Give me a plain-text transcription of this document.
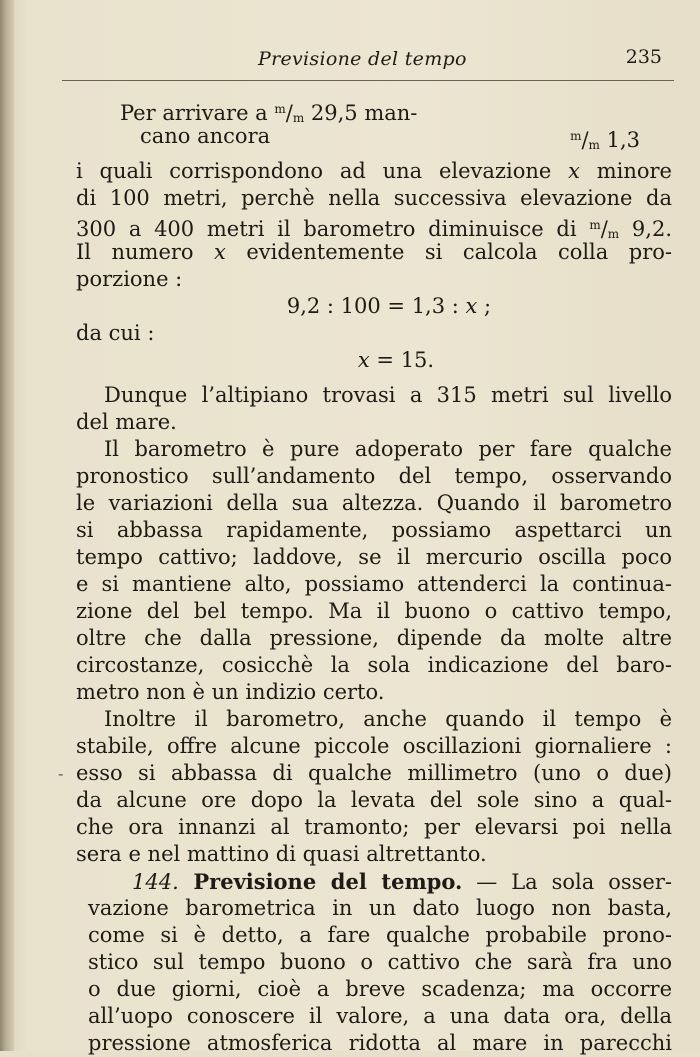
Previsione del tempo	235
-
Per arrivare a $^m/_m$ 29,5 man-
cano ancora	$^m/_m$ 1,3
i quali corrispondono ad una elevazione x minore
di 100 metri, perchè nella successiva elevazione da
300 a 400 metri il barometro diminuisce di $^m/_m$ 9,2.
Il numero x evidentemente si calcola colla pro-
porzione :
9,2 : 100 = 1,3 : x ;
da cui :
x = 15.
Dunque l’altipiano trovasi a 315 metri sul livello
del mare.
Il barometro è pure adoperato per fare qualche
pronostico sull’andamento del tempo, osservando
le variazioni della sua altezza. Quando il barometro
si abbassa rapidamente, possiamo aspettarci un
tempo cattivo; laddove, se il mercurio oscilla poco
e si mantiene alto, possiamo attenderci la continua-
zione del bel tempo. Ma il buono o cattivo tempo,
oltre che dalla pressione, dipende da molte altre
circostanze, cosicchè la sola indicazione del baro-
metro non è un indizio certo.
Inoltre il barometro, anche quando il tempo è
stabile, offre alcune piccole oscillazioni giornaliere :
esso si abbassa di qualche millimetro (uno o due)
da alcune ore dopo la levata del sole sino a qual-
che ora innanzi al tramonto; per elevarsi poi nella
sera e nel mattino di quasi altrettanto.
144. Previsione del tempo. — La sola osser-
vazione barometrica in un dato luogo non basta,
come si è detto, a fare qualche probabile prono-
stico sul tempo buono o cattivo che sarà fra uno
o due giorni, cioè a breve scadenza; ma occorre
all’uopo conoscere il valore, a una data ora, della
pressione atmosferica ridotta al mare in parecchi
